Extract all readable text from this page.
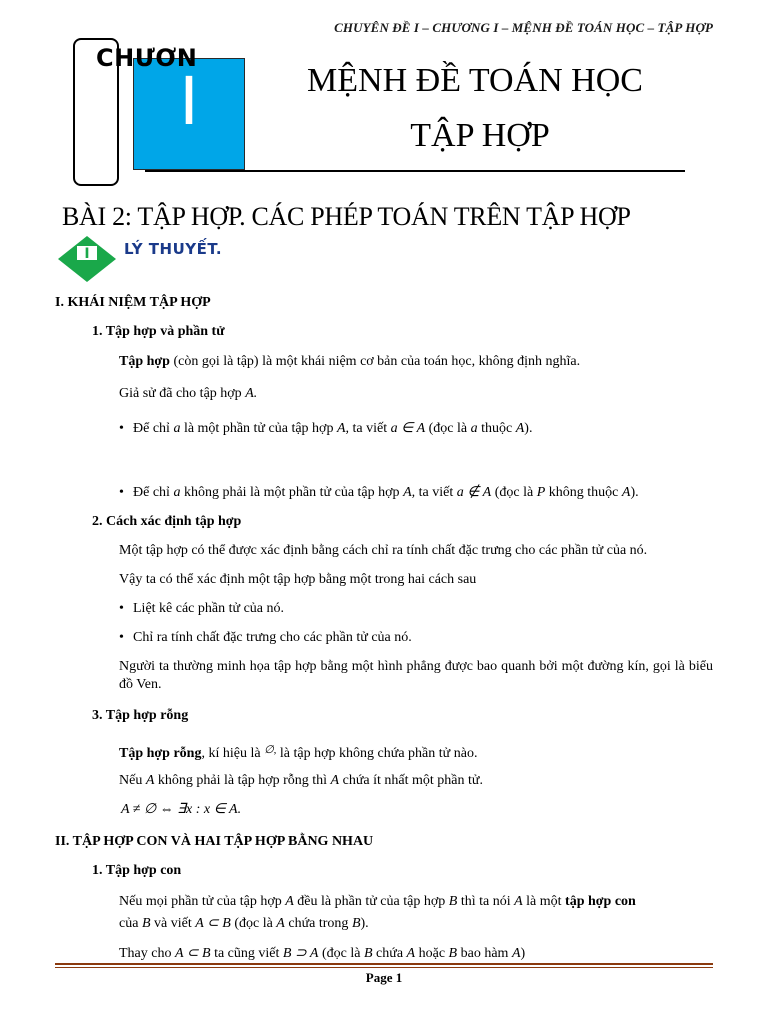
CHUYÊN ĐỀ I – CHƯƠNG I – MỆNH ĐỀ TOÁN HỌC – TẬP HỢP
CHƯƠN
I	MỆNH ĐỀ TOÁN HỌC
TẬP HỢP
BÀI 2: TẬP HỢP. CÁC PHÉP TOÁN TRÊN TẬP HỢP
I LÝ THUYẾT.
I. KHÁI NIỆM TẬP HỢP
1. Tập hợp và phần tử
Tập hợp (còn gọi là tập) là một khái niệm cơ bản của toán học, không định nghĩa.
Giả sử đã cho tập hợp A.
• Để chỉ a là một phần tử của tập hợp A, ta viết a ∈ A (đọc là a thuộc A).
• Để chỉ a không phải là một phần tử của tập hợp A, ta viết a ∉ A (đọc là P không thuộc A).
2. Cách xác định tập hợp
Một tập hợp có thể được xác định bằng cách chỉ ra tính chất đặc trưng cho các phần tử của nó.
Vậy ta có thể xác định một tập hợp bằng một trong hai cách sau
• Liệt kê các phần tử của nó.
• Chỉ ra tính chất đặc trưng cho các phần tử của nó.
Người ta thường minh họa tập hợp bằng một hình phẳng được bao quanh bởi một đường kín, gọi là biểu đồ Ven.
3. Tập hợp rỗng
Tập hợp rỗng, kí hiệu là ∅, là tập hợp không chứa phần tử nào.
Nếu A không phải là tập hợp rỗng thì A chứa ít nhất một phần tử.
A ≠ ∅ ⇔ ∃x : x ∈ A.
II. TẬP HỢP CON VÀ HAI TẬP HỢP BẰNG NHAU
1. Tập hợp con
Nếu mọi phần tử của tập hợp A đều là phần tử của tập hợp B thì ta nói A là một tập hợp con
của B và viết A ⊂ B (đọc là A chứa trong B).
Thay cho A ⊂ B ta cũng viết B ⊃ A (đọc là B chứa A hoặc B bao hàm A)
Page 1
